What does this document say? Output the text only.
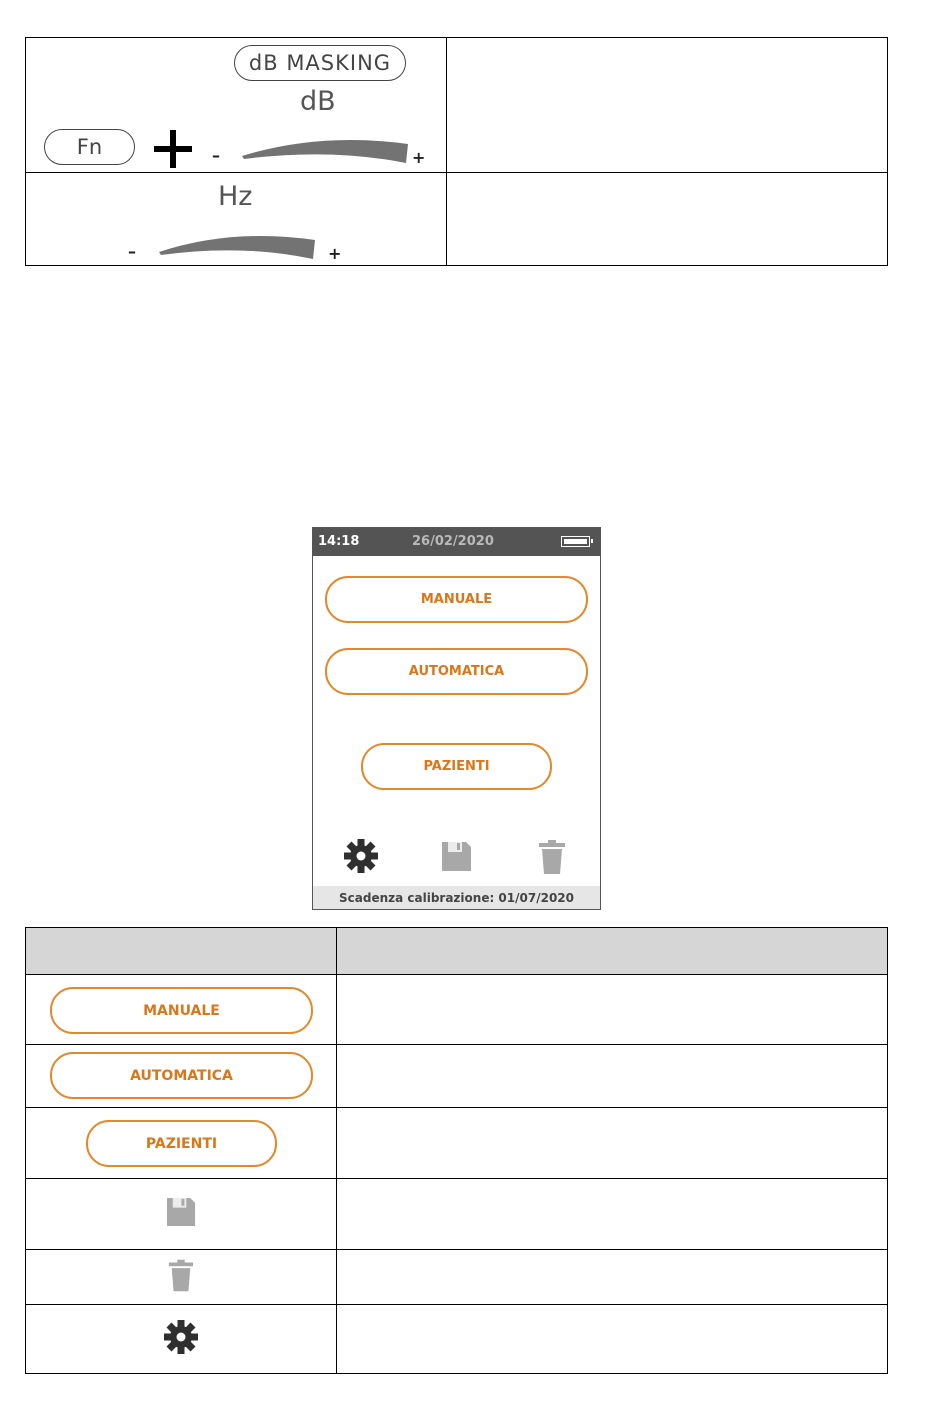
dB MASKING
dB
Fn	–	+
Hz
–	+
14:18	26/02/2020
MANUALE
AUTOMATICA
PAZIENTI
Scadenza calibrazione: 01/07/2020
MANUALE
AUTOMATICA
PAZIENTI
